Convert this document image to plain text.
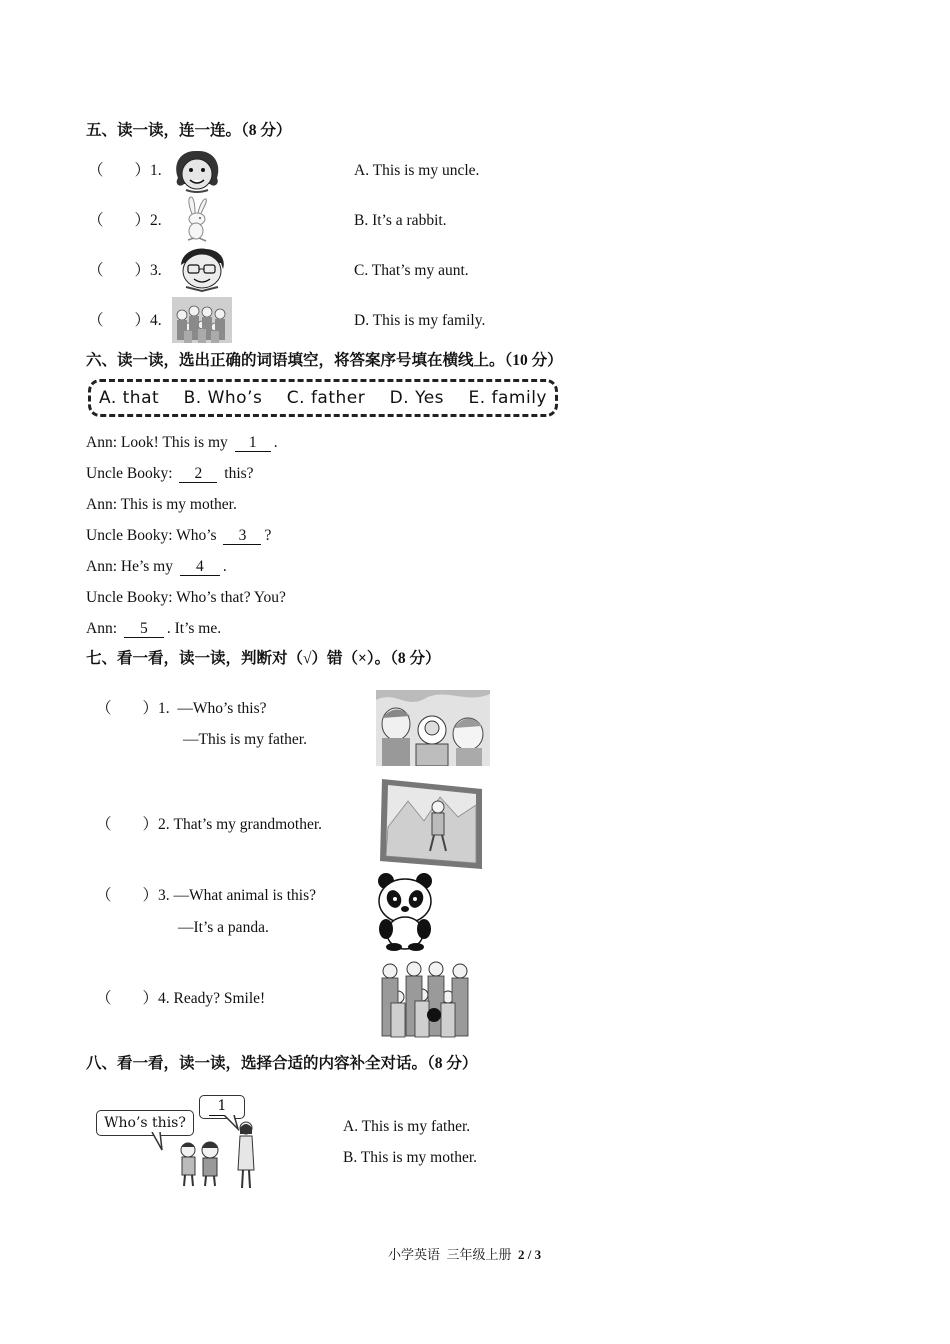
五、读一读，连一连。（8 分）
（        ）1.
（        ）2.
（        ）3.
（        ）4.
A. This is my uncle.
B. It’s a rabbit.
C. That’s my aunt.
D. This is my family.
六、读一读，选出正确的词语填空，将答案序号填在横线上。（10 分）
A. that B. Who’s C. father D. Yes E. family
Ann: Look! This is my 1 .
Uncle Booky: 2 this?
Ann: This is my mother.
Uncle Booky: Who’s 3 ?
Ann: He’s my 4 .
Uncle Booky: Who’s that? You?
Ann: 5 . It’s me.
七、看一看，读一读，判断对（√）错（×）。（8 分）
（        ）1.  —Who’s this?
—This is my father.
（        ）2. That’s my grandmother.
（        ）3. —What animal is this?
—It’s a panda.
（        ）4. Ready? Smile!
八、看一看，读一读，选择合适的内容补全对话。（8 分）
Who’s this?
1
A. This is my father.
B. This is my mother.
小学英语  三年级上册  2 / 3
